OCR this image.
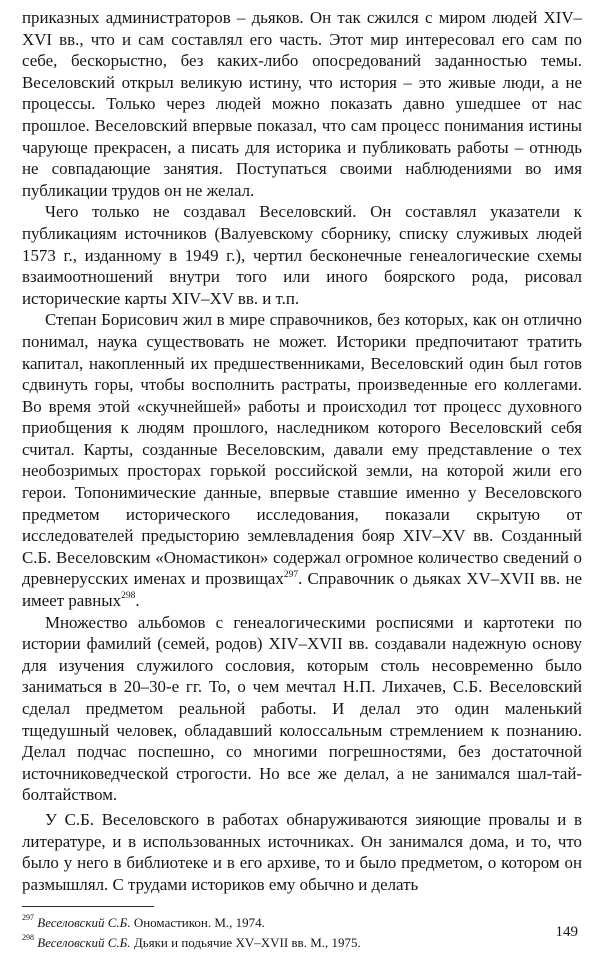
приказных администраторов – дьяков. Он так сжился с миром людей XIV–XVI вв., что и сам составлял его часть. Этот мир интересовал его сам по себе, бескорыстно, без каких-либо опосредований заданностью темы. Веселовский открыл великую истину, что история – это живые люди, а не процессы. Только через людей можно показать давно ушедшее от нас прошлое. Веселовский впервые показал, что сам процесс понимания истины чарующе прекрасен, а писать для историка и публиковать работы – отнюдь не совпадающие занятия. Поступаться своими наблюдениями во имя публикации трудов он не желал.

Чего только не создавал Веселовский. Он составлял указатели к публикациям источников (Валуевскому сборнику, списку служивых людей 1573 г., изданному в 1949 г.), чертил бесконечные генеалогические схемы взаимоотношений внутри того или иного боярского рода, рисовал исторические карты XIV–XV вв. и т.п.

Степан Борисович жил в мире справочников, без которых, как он отлично понимал, наука существовать не может. Историки предпочитают тратить капитал, накопленный их предшественниками, Веселовский один был готов сдвинуть горы, чтобы восполнить растраты, произведенные его коллегами. Во время этой «скучнейшей» работы и происходил тот процесс духовного приобщения к людям прошлого, наследником которого Веселовский себя считал. Карты, созданные Веселовским, давали ему представление о тех необозримых просторах горькой российской земли, на которой жили его герои. Топонимические данные, впервые ставшие именно у Веселовского предметом исторического исследования, показали скрытую от исследователей предысторию землевладения бояр XIV–XV вв. Созданный С.Б. Веселовским «Ономастикон» содержал огромное количество сведений о древнерусских именах и прозвищах$^{297}$. Справочник о дьяках XV–XVII вв. не имеет равных$^{298}$.

Множество альбомов с генеалогическими росписями и картотеки по истории фамилий (семей, родов) XIV–XVII вв. создавали надежную основу для изучения служилого сословия, которым столь несовременно было заниматься в 20–30-е гг. То, о чем мечтал Н.П. Лихачев, С.Б. Веселовский сделал предметом реальной работы. И делал это один маленький тщедушный человек, обладавший колоссальным стремлением к познанию. Делал подчас поспешно, со многими погрешностями, без достаточной источниковедческой строгости. Но все же делал, а не занимался шал-тай-болтайством.

У С.Б. Веселовского в работах обнаруживаются зияющие провалы и в литературе, и в использованных источниках. Он занимался дома, и то, что было у него в библиотеке и в его архиве, то и было предметом, о котором он размышлял. С трудами историков ему обычно и делать

$^{297}$ Веселовский С.Б. Ономастикон. М., 1974.

$^{298}$ Веселовский С.Б. Дьяки и подьячие XV–XVII вв. М., 1975.

149
